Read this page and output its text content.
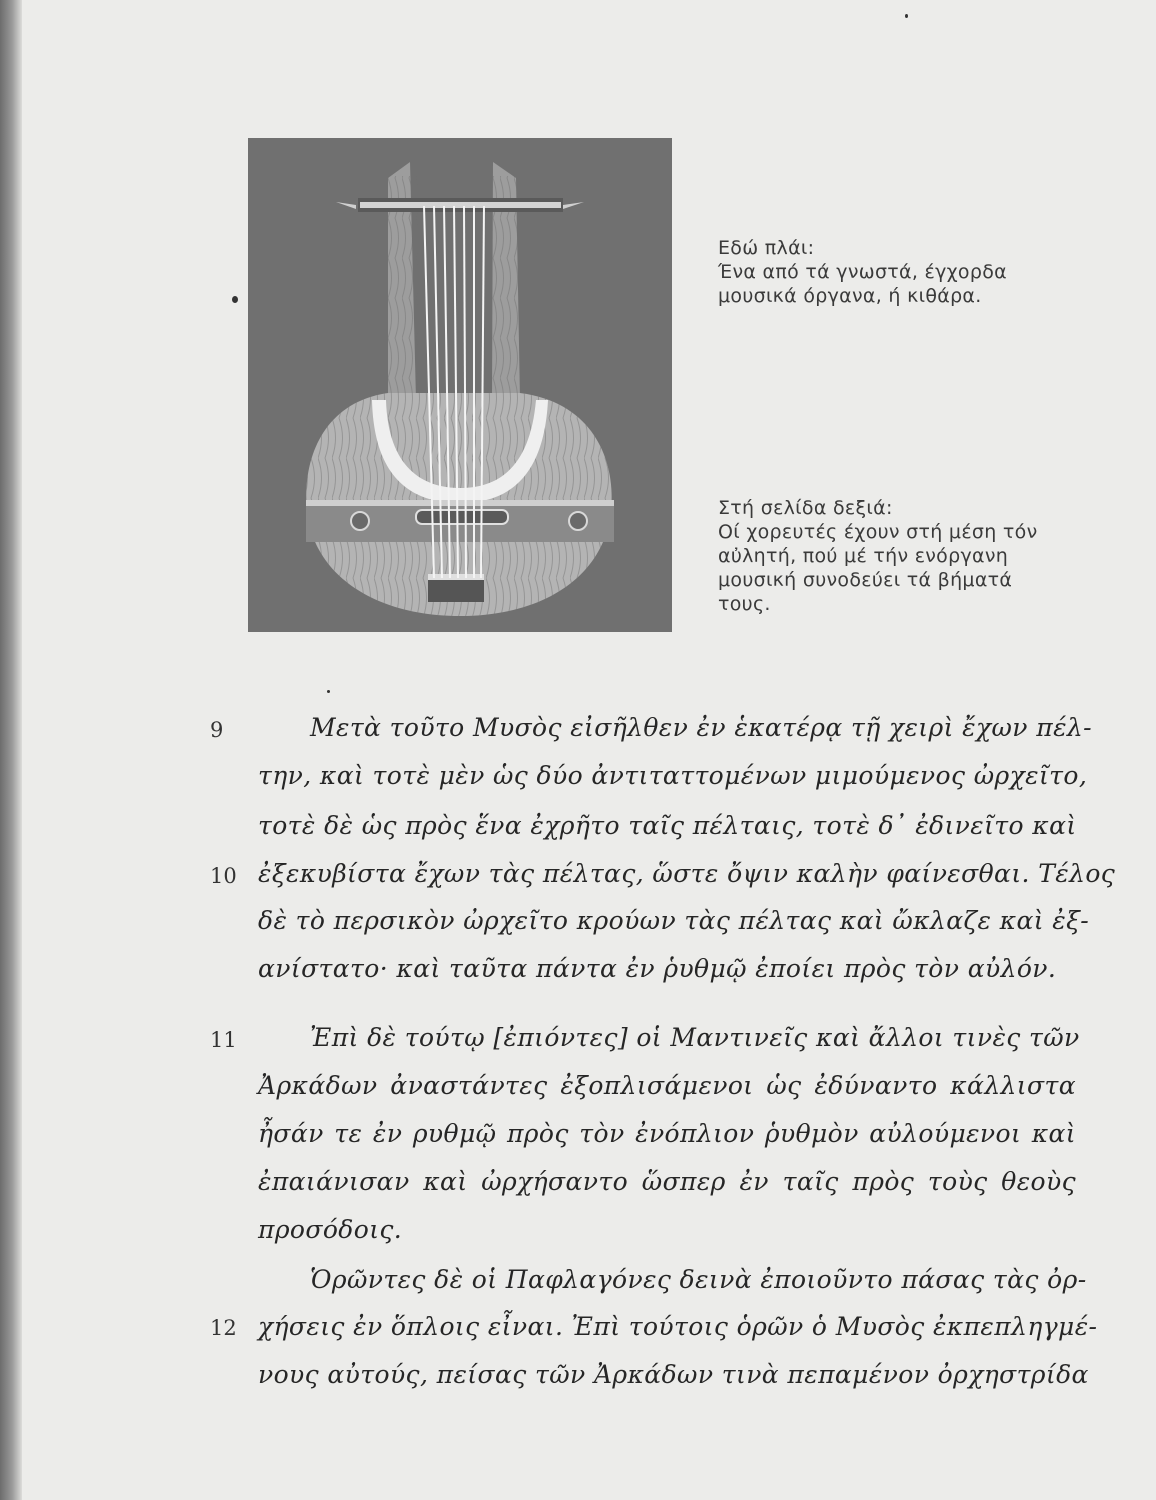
Εδώ πλάι:

Ένα από τά γνωστά, έγχορδα

μουσικά όργανα, ή κιθάρα.

Στή σελίδα δεξιά:

Οί χορευτές έχουν στή μέση τόν

αὐλητή, πού μέ τήν ενόργανη

μουσική συνοδεύει τά βήματά

τους.

9
10
11
12
Μετὰ τοῦτο Μυσὸς εἰσῆλθεν ἐν ἑκατέρᾳ τῇ χειρὶ ἔχων πέλ-
την, καὶ τοτὲ μὲν ὡς δύο ἀντιταττομένων μιμούμενος ὠρχεῖτο,
τοτὲ δὲ ὡς πρὸς ἕνα ἐχρῆτο ταῖς πέλταις, τοτὲ δ᾽ ἐδινεῖτο καὶ
ἐξεκυβίστα ἔχων τὰς πέλτας, ὥστε ὄψιν καλὴν φαίνεσθαι. Τέλος
δὲ τὸ περσικὸν ὠρχεῖτο κρούων τὰς πέλτας καὶ ὤκλαζε καὶ ἐξ-
ανίστατο· καὶ ταῦτα πάντα ἐν ῥυθμῷ ἐποίει πρὸς τὸν αὐλόν.
Ἐπὶ δὲ τούτῳ [ἐπιόντες] οἱ Μαντινεῖς καὶ ἄλλοι τινὲς τῶν
Ἀρκάδων ἀναστάντες ἐξοπλισάμενοι ὡς ἐδύναντο κάλλιστα
ἦσάν τε ἐν ρυθμῷ πρὸς τὸν ἐνόπλιον ῥυθμὸν αὐλούμενοι καὶ
ἐπαιάνισαν καὶ ὠρχήσαντο ὥσπερ ἐν ταῖς πρὸς τοὺς θεοὺς
προσόδοις.
Ὁρῶντες δὲ οἱ Παφλαγόνες δεινὰ ἐποιοῦντο πάσας τὰς ὀρ-
χήσεις ἐν ὅπλοις εἶναι. Ἐπὶ τούτοις ὁρῶν ὁ Μυσὸς ἐκπεπληγμέ-
νους αὐτούς, πείσας τῶν Ἀρκάδων τινὰ πεπαμένον ὀρχηστρίδα
